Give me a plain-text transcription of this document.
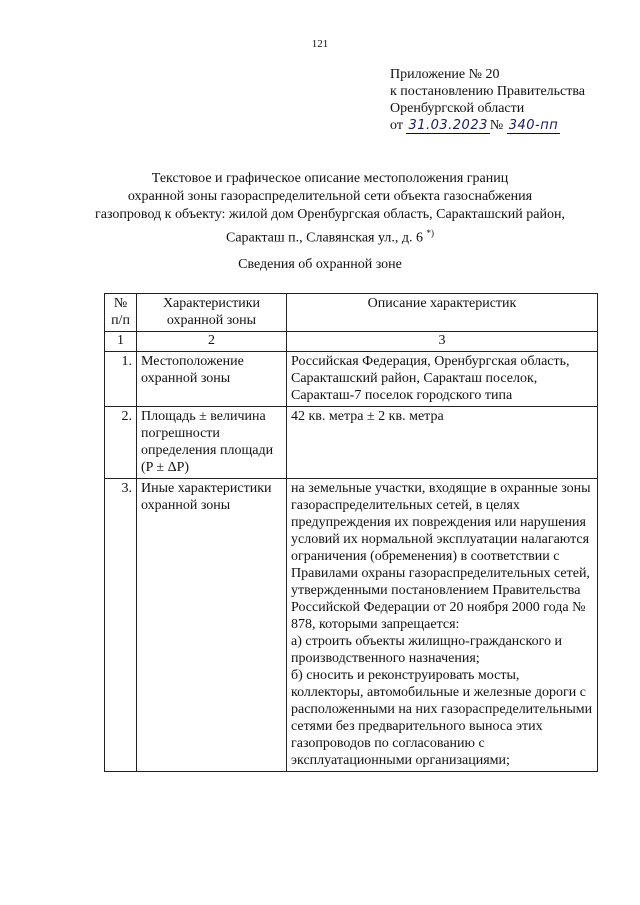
121
Приложение № 20
к постановлению Правительства
Оренбургской области
от 31.03.2023 № 340-пп
Текстовое и графическое описание местоположения границ
охранной зоны газораспределительной сети объекта газоснабжения
газопровод к объекту: жилой дом Оренбургская область, Саракташский район,
Саракташ п., Славянская ул., д. 6 *)
Сведения об охранной зоне
№ п/п	Характеристики охранной зоны	Описание характеристик
1	2	3
1.	Местоположение охранной зоны	Российская Федерация, Оренбургская область, Саракташский район, Саракташ поселок, Саракташ-7 поселок городского типа
2.	Площадь ± величина погрешности определения площади (P ± ΔP)	42 кв. метра ± 2 кв. метра
3.	Иные характеристики охранной зоны	на земельные участки, входящие в охранные зоны газораспределительных сетей, в целях предупреждения их повреждения или нарушения условий их нормальной эксплуатации налагаются ограничения (обременения) в соответствии с Правилами охраны газораспределительных сетей, утвержденными постановлением Правительства Российской Федерации от 20 ноября 2000 года № 878, которыми запрещается:
а) строить объекты жилищно-гражданского и производственного назначения;
б) сносить и реконструировать мосты, коллекторы, автомобильные и железные дороги с расположенными на них газораспределительными сетями без предварительного выноса этих газопроводов по согласованию с эксплуатационными организациями;
